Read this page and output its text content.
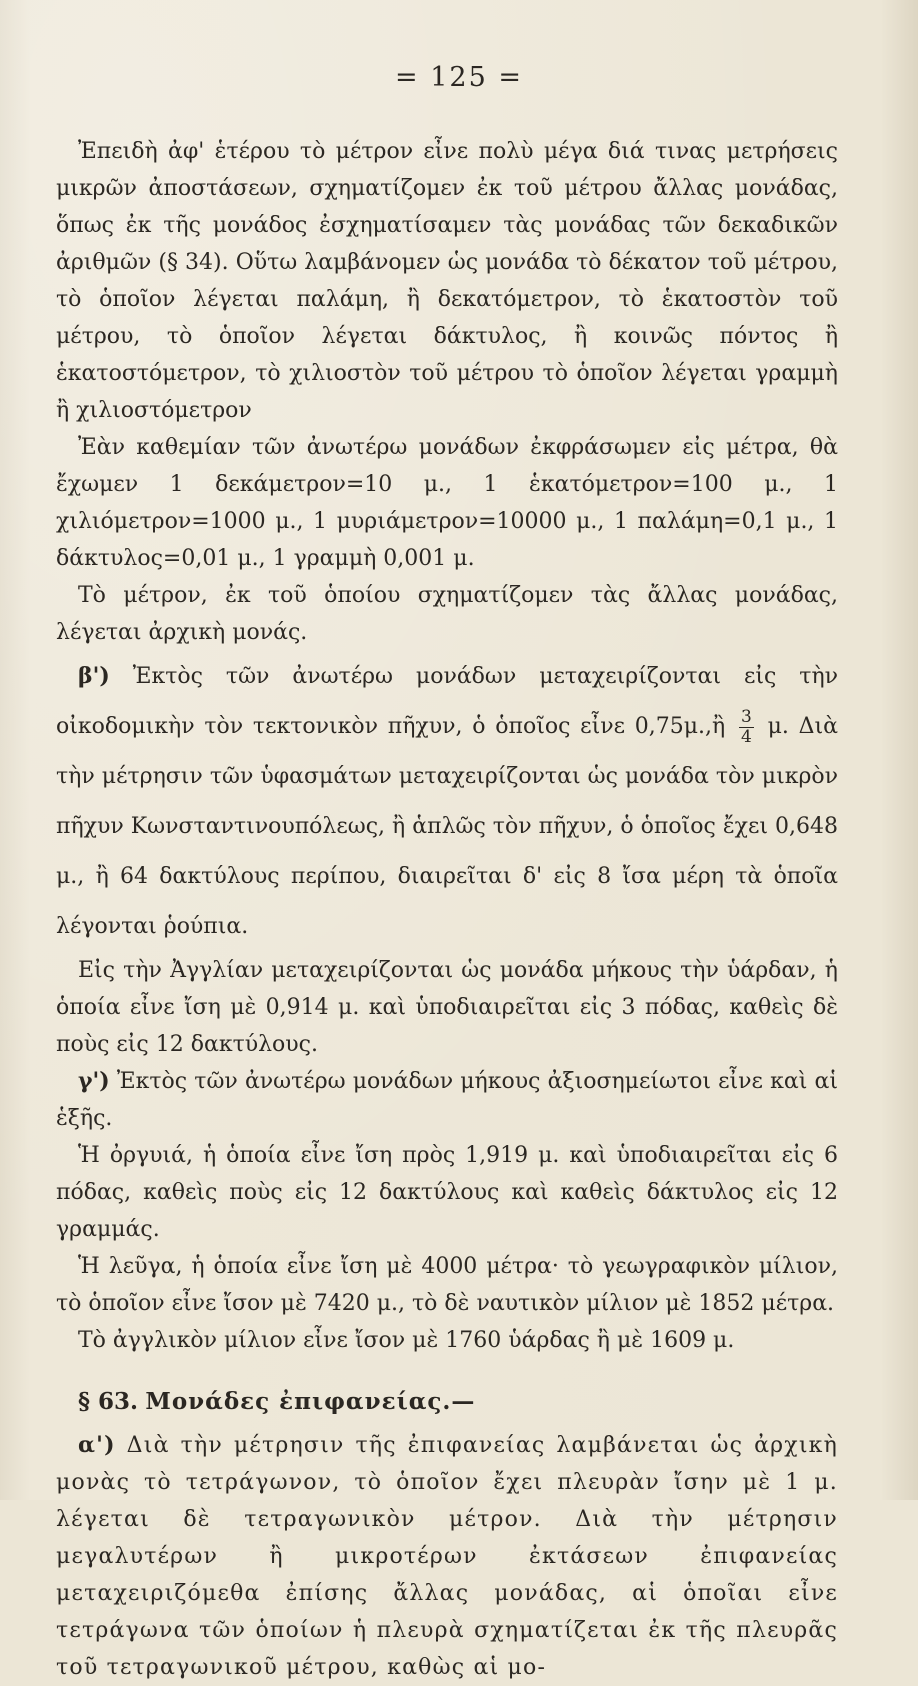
= 125 =

Ἐπειδὴ ἀφ' ἑτέρου τὸ μέτρον εἶνε πολὺ μέγα διά τινας μετρήσεις μικρῶν ἀποστάσεων, σχηματίζομεν ἐκ τοῦ μέτρου ἄλλας μονάδας, ὅπως ἐκ τῆς μονάδος ἐσχηματίσαμεν τὰς μονάδας τῶν δεκαδικῶν ἀριθμῶν (§ 34). Οὕτω λαμβάνομεν ὡς μονάδα τὸ δέκατον τοῦ μέτρου, τὸ ὁποῖον λέγεται παλάμη, ἢ δεκατόμετρον, τὸ ἑκατοστὸν τοῦ μέτρου, τὸ ὁποῖον λέγεται δάκτυλος, ἢ κοινῶς πόντος ἢ ἑκατοστόμετρον, τὸ χιλιοστὸν τοῦ μέτρου τὸ ὁποῖον λέγεται γραμμὴ ἢ χιλιοστόμετρον

Ἐὰν καθεμίαν τῶν ἀνωτέρω μονάδων ἐκφράσωμεν εἰς μέτρα, θὰ ἔχωμεν 1 δεκάμετρον=10 μ., 1 ἑκατόμετρον=100 μ., 1 χιλιόμετρον=1000 μ., 1 μυριάμετρον=10000 μ., 1 παλάμη=0,1 μ., 1 δάκτυλος=0,01 μ., 1 γραμμὴ 0,001 μ.

Τὸ μέτρον, ἐκ τοῦ ὁποίου σχηματίζομεν τὰς ἄλλας μονάδας, λέγεται ἀρχικὴ μονάς.

β') Ἐκτὸς τῶν ἀνωτέρω μονάδων μεταχειρίζονται εἰς τὴν οἰκοδομικὴν τὸν τεκτονικὸν πῆχυν, ὁ ὁποῖος εἶνε 0,75μ.,ἢ $\frac{3}{4} \mu$. Διὰ τὴν μέτρησιν τῶν ὑφασμάτων μεταχειρίζονται ὡς μονάδα τὸν μικρὸν πῆχυν Κωνσταντινουπόλεως, ἢ ἁπλῶς τὸν πῆχυν, ὁ ὁποῖος ἔχει 0,648 μ., ἢ 64 δακτύλους περίπου, διαιρεῖται δ' εἰς 8 ἴσα μέρη τὰ ὁποῖα λέγονται ῥούπια.

Εἰς τὴν Ἀγγλίαν μεταχειρίζονται ὡς μονάδα μήκους τὴν ὑάρδαν, ἡ ὁποία εἶνε ἴση μὲ 0,914 μ. καὶ ὑποδιαιρεῖται εἰς 3 πόδας, καθεὶς δὲ ποὺς εἰς 12 δακτύλους.

γ') Ἐκτὸς τῶν ἀνωτέρω μονάδων μήκους ἀξιοσημείωτοι εἶνε καὶ αἱ ἑξῆς.

Ἡ ὀργυιά, ἡ ὁποία εἶνε ἴση πρὸς 1,919 μ. καὶ ὑποδιαιρεῖται εἰς 6 πόδας, καθεὶς ποὺς εἰς 12 δακτύλους καὶ καθεὶς δάκτυλος εἰς 12 γραμμάς.

Ἡ λεῦγα, ἡ ὁποία εἶνε ἴση μὲ 4000 μέτρα· τὸ γεωγραφικὸν μίλιον, τὸ ὁποῖον εἶνε ἴσον μὲ 7420 μ., τὸ δὲ ναυτικὸν μίλιον μὲ 1852 μέτρα.

Τὸ ἀγγλικὸν μίλιον εἶνε ἴσον μὲ 1760 ὑάρδας ἢ μὲ 1609 μ.

§ 63. Μονάδες ἐπιφανείας.—

α') Διὰ τὴν μέτρησιν τῆς ἐπιφανείας λαμβάνεται ὡς ἀρχικὴ μονὰς τὸ τετράγωνον, τὸ ὁποῖον ἔχει πλευρὰν ἴσην μὲ 1 μ. λέγεται δὲ τετραγωνικὸν μέτρον. Διὰ τὴν μέτρησιν μεγαλυτέρων ἢ μικροτέρων ἐκτάσεων ἐπιφανείας μεταχειριζόμεθα ἐπίσης ἄλλας μονάδας, αἱ ὁποῖαι εἶνε τετράγωνα τῶν ὁποίων ἡ πλευρὰ σχηματίζεται ἐκ τῆς πλευρᾶς τοῦ τετραγωνικοῦ μέτρου, καθὼς αἱ μο-
